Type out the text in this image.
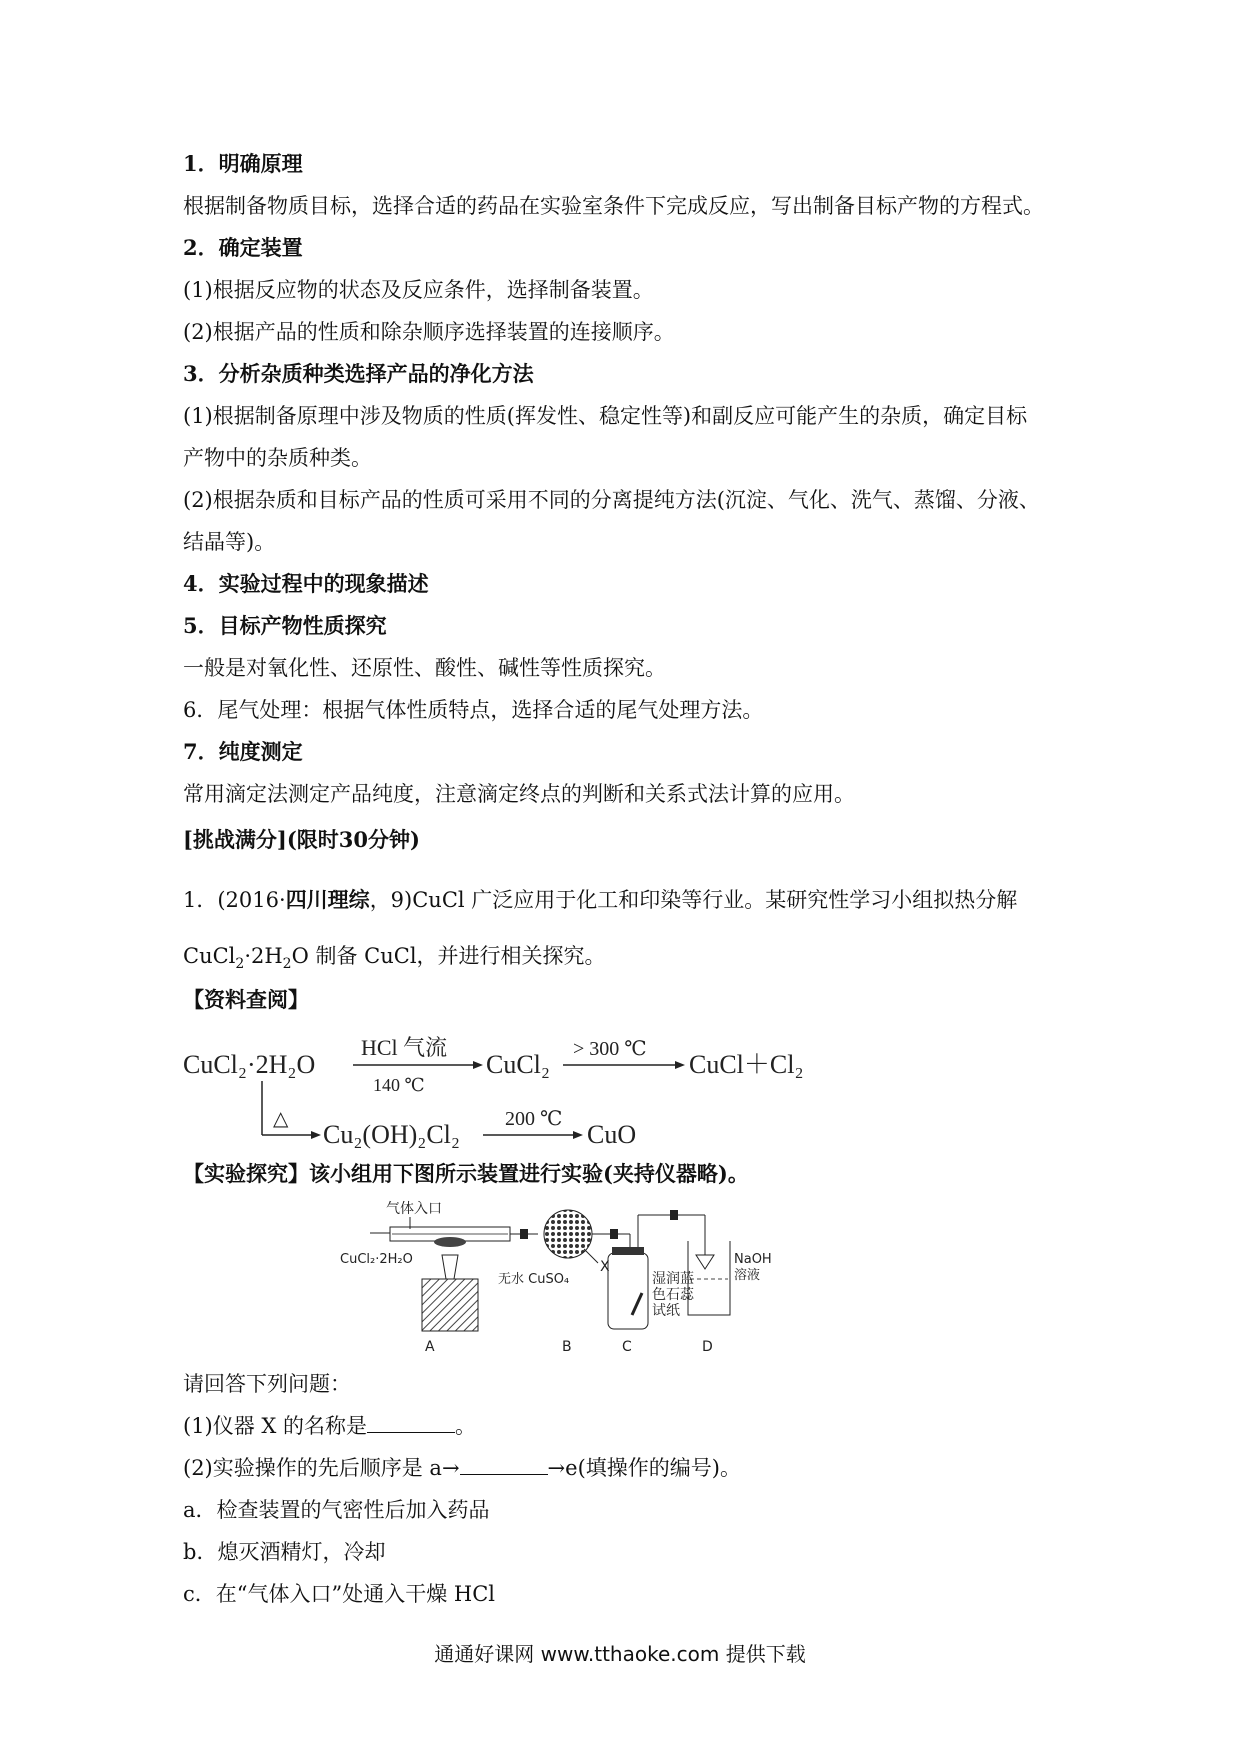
1．明确原理
根据制备物质目标，选择合适的药品在实验室条件下完成反应，写出制备目标产物的方程式。
2．确定装置
(1)根据反应物的状态及反应条件，选择制备装置。
(2)根据产品的性质和除杂顺序选择装置的连接顺序。
3．分析杂质种类选择产品的净化方法
(1)根据制备原理中涉及物质的性质(挥发性、稳定性等)和副反应可能产生的杂质，确定目标
产物中的杂质种类。
(2)根据杂质和目标产品的性质可采用不同的分离提纯方法(沉淀、气化、洗气、蒸馏、分液、
结晶等)。
4．实验过程中的现象描述
5．目标产物性质探究
一般是对氧化性、还原性、酸性、碱性等性质探究。
6．尾气处理：根据气体性质特点，选择合适的尾气处理方法。
7．纯度测定
常用滴定法测定产品纯度，注意滴定终点的判断和关系式法计算的应用。
[挑战满分](限时30分钟)
1．(2016·四川理综，9)CuCl 广泛应用于化工和印染等行业。某研究性学习小组拟热分解
$CuCl_2\cdot 2H_2O$ 制备 CuCl，并进行相关探究。
【资料查阅】
CuCl₂·2H₂O
HCl 气流
140 ℃
CuCl₂
> 300 ℃
CuCl＋Cl₂
△
Cu₂(OH)₂Cl₂
200 ℃
CuO
【实验探究】该小组用下图所示装置进行实验(夹持仪器略)。
气体入口
CuCl₂·2H₂O
A
无水 CuSO₄
X
B
湿润蓝
色石蕊
试纸
C
NaOH
溶液
D
请回答下列问题：
(1)仪器 X 的名称是	。
(2)实验操作的先后顺序是 a→	→e(填操作的编号)。
a．检查装置的气密性后加入药品
b．熄灭酒精灯，冷却
c．在“气体入口”处通入干燥 HCl
通通好课网 www.tthaoke.com 提供下载
